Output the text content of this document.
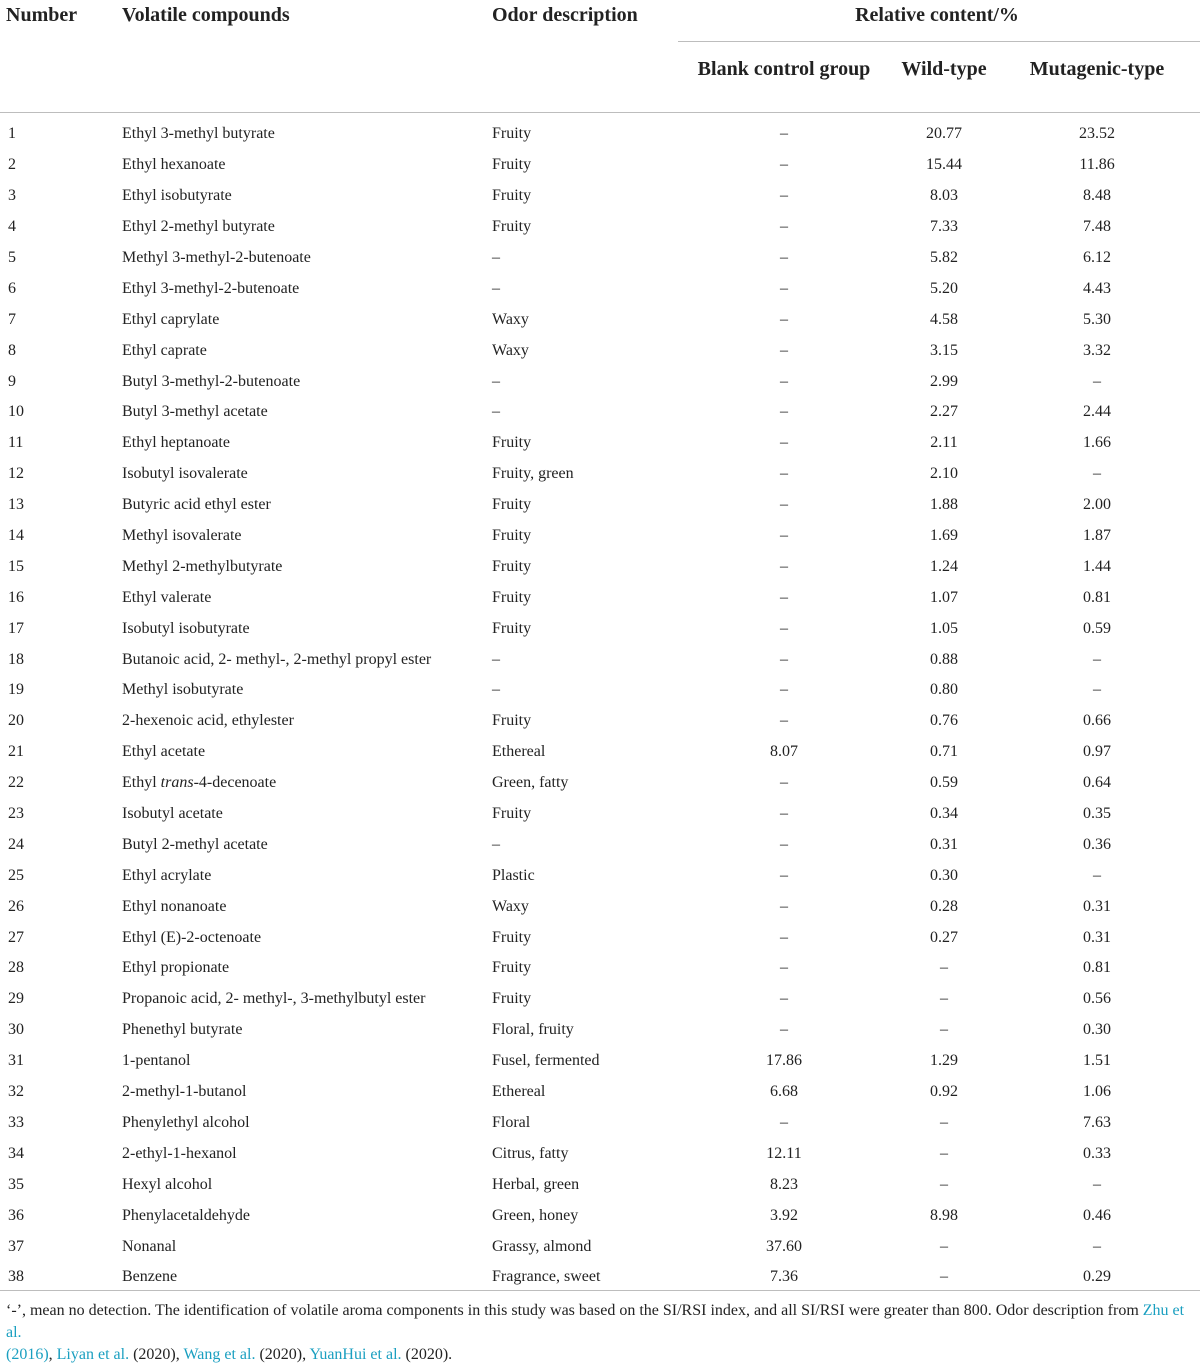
Number	Volatile compounds	Odor description	Relative content/%		

			Blank control group	Wild-type	Mutagenic-type

1	Ethyl 3-methyl butyrate	Fruity	–	20.77	23.52
2	Ethyl hexanoate	Fruity	–	15.44	11.86
3	Ethyl isobutyrate	Fruity	–	8.03	8.48
4	Ethyl 2-methyl butyrate	Fruity	–	7.33	7.48
5	Methyl 3-methyl-2-butenoate	–	–	5.82	6.12
6	Ethyl 3-methyl-2-butenoate	–	–	5.20	4.43
7	Ethyl caprylate	Waxy	–	4.58	5.30
8	Ethyl caprate	Waxy	–	3.15	3.32
9	Butyl 3-methyl-2-butenoate	–	–	2.99	–
10	Butyl 3-methyl acetate	–	–	2.27	2.44
11	Ethyl heptanoate	Fruity	–	2.11	1.66
12	Isobutyl isovalerate	Fruity, green	–	2.10	–
13	Butyric acid ethyl ester	Fruity	–	1.88	2.00
14	Methyl isovalerate	Fruity	–	1.69	1.87
15	Methyl 2-methylbutyrate	Fruity	–	1.24	1.44
16	Ethyl valerate	Fruity	–	1.07	0.81
17	Isobutyl isobutyrate	Fruity	–	1.05	0.59
18	Butanoic acid, 2- methyl-, 2-methyl propyl ester	–	–	0.88	–
19	Methyl isobutyrate	–	–	0.80	–
20	2-hexenoic acid, ethylester	Fruity	–	0.76	0.66
21	Ethyl acetate	Ethereal	8.07	0.71	0.97
22	Ethyl trans-4-decenoate	Green, fatty	–	0.59	0.64
23	Isobutyl acetate	Fruity	–	0.34	0.35
24	Butyl 2-methyl acetate	–	–	0.31	0.36
25	Ethyl acrylate	Plastic	–	0.30	–
26	Ethyl nonanoate	Waxy	–	0.28	0.31
27	Ethyl (E)-2-octenoate	Fruity	–	0.27	0.31
28	Ethyl propionate	Fruity	–	–	0.81
29	Propanoic acid, 2- methyl-, 3-methylbutyl ester	Fruity	–	–	0.56
30	Phenethyl butyrate	Floral, fruity	–	–	0.30
31	1-pentanol	Fusel, fermented	17.86	1.29	1.51
32	2-methyl-1-butanol	Ethereal	6.68	0.92	1.06
33	Phenylethyl alcohol	Floral	–	–	7.63
34	2-ethyl-1-hexanol	Citrus, fatty	12.11	–	0.33
35	Hexyl alcohol	Herbal, green	8.23	–	–
36	Phenylacetaldehyde	Green, honey	3.92	8.98	0.46
37	Nonanal	Grassy, almond	37.60	–	–
38	Benzene	Fragrance, sweet	7.36	–	0.29
‘-’, mean no detection. The identification of volatile aroma components in this study was based on the SI/RSI index, and all SI/RSI were greater than 800. Odor description from Zhu et al.
(2016), Liyan et al. (2020), Wang et al. (2020), YuanHui et al. (2020).
